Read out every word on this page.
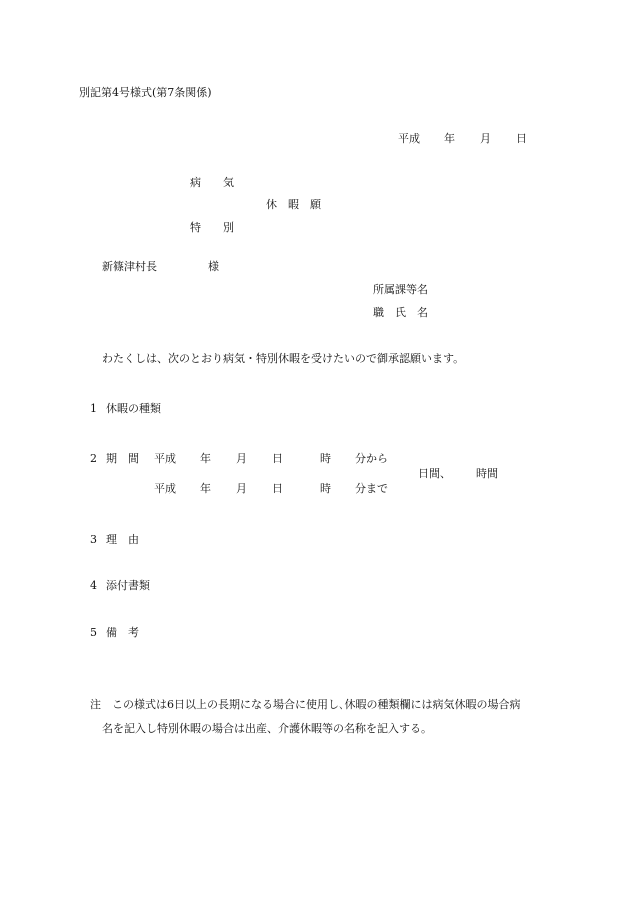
別記第4号様式(第7条関係)
平成 年 月 日
病　　気
休　暇　願
特　　別
新篠津村長	様
所属課等名
職　氏　名
わたくしは、次のとおり病気・特別休暇を受けたいので御承認願います。
1 休暇の種類
2 期　間 平成 年 月 日	時 分から
日間、 時間
平成 年 月 日	時 分まで
3 理　由
4 添付書類
5 備　考
注 この様式は6日以上の長期になる場合に使用し､休暇の種類欄には病気休暇の場合病
名を記入し特別休暇の場合は出産、介護休暇等の名称を記入する。
